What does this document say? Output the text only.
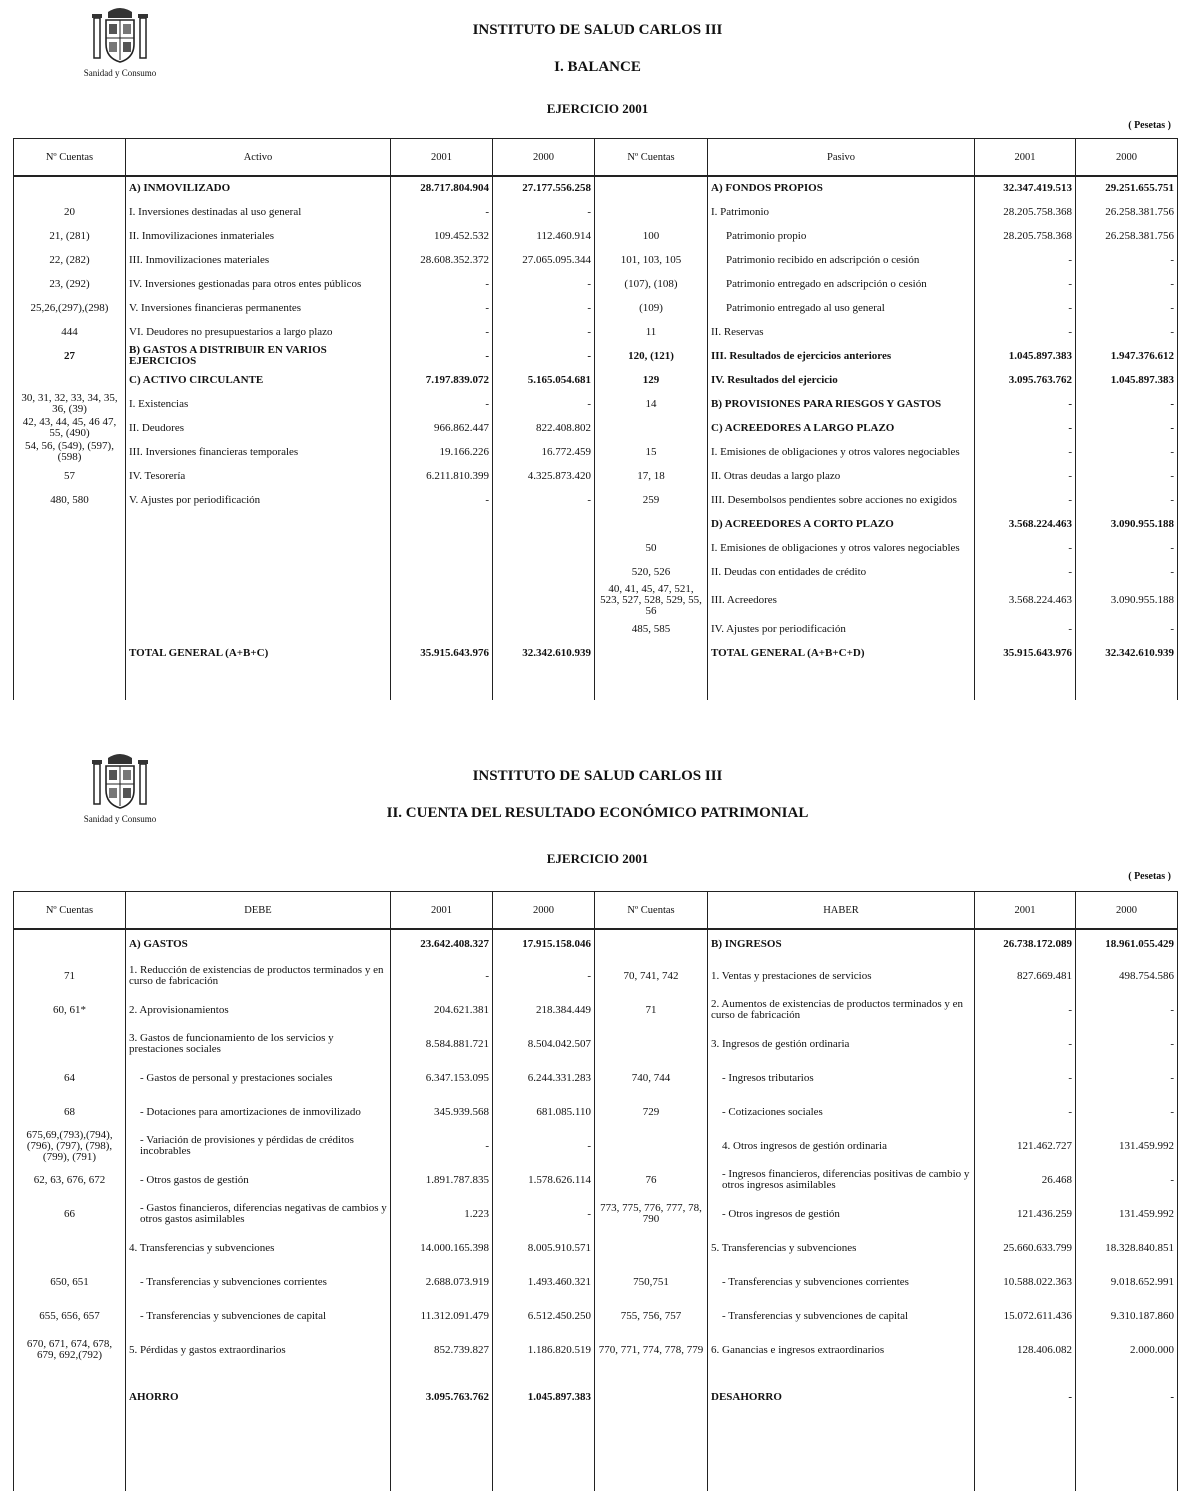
Sanidad y Consumo
INSTITUTO DE SALUD CARLOS III
I. BALANCE
EJERCICIO 2001
( Pesetas )
Nº Cuentas	Activo	2001	2000	Nº Cuentas	Pasivo	2001	2000
	A) INMOVILIZADO	28.717.804.904	27.177.556.258		A) FONDOS PROPIOS	32.347.419.513	29.251.655.751
20	I. Inversiones destinadas al uso general	-	-		I. Patrimonio	28.205.758.368	26.258.381.756
21, (281)	II. Inmovilizaciones inmateriales	109.452.532	112.460.914	100	Patrimonio propio	28.205.758.368	26.258.381.756
22, (282)	III. Inmovilizaciones materiales	28.608.352.372	27.065.095.344	101, 103, 105	Patrimonio recibido en adscripción o cesión	-	-
23, (292)	IV. Inversiones gestionadas para otros entes públicos	-	-	(107), (108)	Patrimonio entregado en adscripción o cesión	-	-
25,26,(297),(298)	V. Inversiones financieras permanentes	-	-	(109)	Patrimonio entregado al uso general	-	-
444	VI. Deudores no presupuestarios a largo plazo	-	-	11	II. Reservas	-	-
27	B) GASTOS A DISTRIBUIR EN VARIOS EJERCICIOS	-	-	120, (121)	III. Resultados de ejercicios anteriores	1.045.897.383	1.947.376.612
	C) ACTIVO CIRCULANTE	7.197.839.072	5.165.054.681	129	IV. Resultados del ejercicio	3.095.763.762	1.045.897.383
30, 31, 32, 33, 34, 35, 36, (39)	I. Existencias	-	-	14	B) PROVISIONES PARA RIESGOS Y GASTOS	-	-
42, 43, 44, 45, 46 47, 55, (490)	II. Deudores	966.862.447	822.408.802		C) ACREEDORES A LARGO PLAZO	-	-
54, 56, (549), (597), (598)	III. Inversiones financieras temporales	19.166.226	16.772.459	15	I. Emisiones de obligaciones y otros valores negociables	-	-
57	IV. Tesorería	6.211.810.399	4.325.873.420	17, 18	II. Otras deudas a largo plazo	-	-
480, 580	V. Ajustes por periodificación	-	-	259	III. Desembolsos pendientes sobre acciones no exigidos	-	-
					D) ACREEDORES A CORTO PLAZO	3.568.224.463	3.090.955.188
				50	I. Emisiones de obligaciones y otros valores negociables	-	-
				520, 526	II. Deudas con entidades de crédito	-	-
				40, 41, 45, 47, 521, 523, 527, 528, 529, 55, 56	III. Acreedores	3.568.224.463	3.090.955.188
				485, 585	IV. Ajustes por periodificación	-	-
	TOTAL GENERAL (A+B+C)	35.915.643.976	32.342.610.939		TOTAL GENERAL (A+B+C+D)	35.915.643.976	32.342.610.939

Sanidad y Consumo
INSTITUTO DE SALUD CARLOS III
II. CUENTA DEL RESULTADO ECONÓMICO PATRIMONIAL
EJERCICIO 2001
( Pesetas )
Nº Cuentas	DEBE	2001	2000	Nº Cuentas	HABER	2001	2000
	A) GASTOS	23.642.408.327	17.915.158.046		B) INGRESOS	26.738.172.089	18.961.055.429
71	1. Reducción de existencias de productos terminados y en curso de fabricación	-	-	70, 741, 742	1. Ventas y prestaciones de servicios	827.669.481	498.754.586
60, 61*	2. Aprovisionamientos	204.621.381	218.384.449	71	2. Aumentos de existencias de productos terminados y en curso de fabricación	-	-
	3. Gastos de funcionamiento de los servicios y prestaciones sociales	8.584.881.721	8.504.042.507		3. Ingresos de gestión ordinaria	-	-
64	- Gastos de personal y prestaciones sociales	6.347.153.095	6.244.331.283	740, 744	- Ingresos tributarios	-	-
68	- Dotaciones para amortizaciones de inmovilizado	345.939.568	681.085.110	729	- Cotizaciones sociales	-	-
675,69,(793),(794), (796), (797), (798), (799), (791)	- Variación de provisiones y pérdidas de créditos incobrables	-	-		4. Otros ingresos de gestión ordinaria	121.462.727	131.459.992
62, 63, 676, 672	- Otros gastos de gestión	1.891.787.835	1.578.626.114	76	- Ingresos financieros, diferencias positivas de cambio y otros ingresos asimilables	26.468	-
66	- Gastos financieros, diferencias negativas de cambios y otros gastos asimilables	1.223	-	773, 775, 776, 777, 78, 790	- Otros ingresos de gestión	121.436.259	131.459.992
	4. Transferencias y subvenciones	14.000.165.398	8.005.910.571		5. Transferencias y subvenciones	25.660.633.799	18.328.840.851
650, 651	- Transferencias y subvenciones corrientes	2.688.073.919	1.493.460.321	750,751	- Transferencias y subvenciones corrientes	10.588.022.363	9.018.652.991
655, 656, 657	- Transferencias y subvenciones de capital	11.312.091.479	6.512.450.250	755, 756, 757	- Transferencias y subvenciones de capital	15.072.611.436	9.310.187.860
670, 671, 674, 678, 679, 692,(792)	5. Pérdidas y gastos extraordinarios	852.739.827	1.186.820.519	770, 771, 774, 778, 779	6. Ganancias e ingresos extraordinarios	128.406.082	2.000.000
	AHORRO	3.095.763.762	1.045.897.383		DESAHORRO	-	-
